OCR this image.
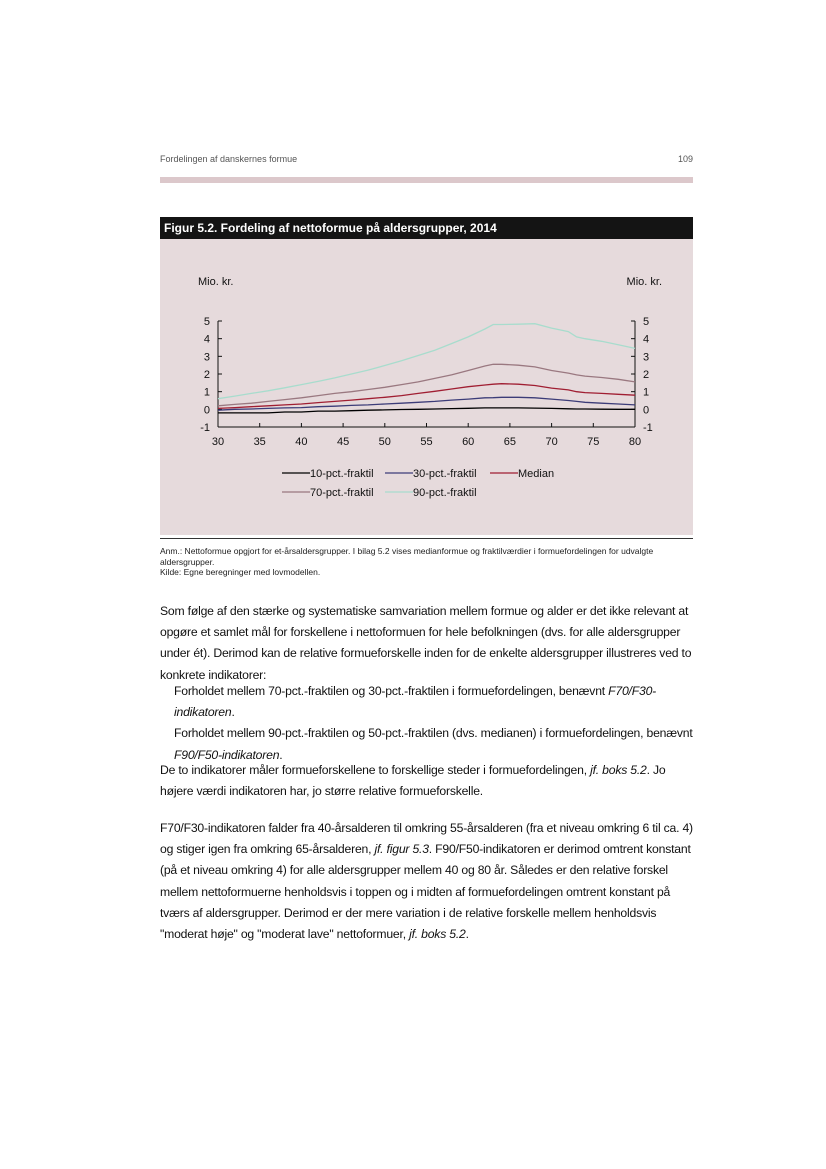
Fordelingen af danskernes formue	109
Figur 5.2. Fordeling af nettoformue på aldersgrupper, 2014
Mio. kr.	Mio. kr.
5	5
4	4
3	3
2	2
1	1
0	0
-1	-1
30	35	40	45	50	55	60	65	70	75	80
10-pct.-fraktil	30-pct.-fraktil	Median
70-pct.-fraktil	90-pct.-fraktil

Anm.: Nettoformue opgjort for et-årsaldersgrupper. I bilag 5.2 vises medianformue og fraktilværdier i formuefordelingen for udvalgte aldersgrupper.

Kilde: Egne beregninger med lovmodellen.

Som følge af den stærke og systematiske samvariation mellem formue og alder er det ikke relevant at opgøre et samlet mål for forskellene i nettoformuen for hele befolkningen (dvs. for alle aldersgrupper under ét). Derimod kan de relative formueforskelle inden for de enkelte aldersgrupper illustreres ved to konkrete indikatorer:

Forholdet mellem 70-pct.-fraktilen og 30-pct.-fraktilen i formuefordelingen, benævnt F70/F30-indikatoren.

Forholdet mellem 90-pct.-fraktilen og 50-pct.-fraktilen (dvs. medianen) i formuefordelingen, benævnt F90/F50-indikatoren.

De to indikatorer måler formueforskellene to forskellige steder i formuefordelingen, jf. boks 5.2. Jo højere værdi indikatoren har, jo større relative formueforskelle.

F70/F30-indikatoren falder fra 40-årsalderen til omkring 55-årsalderen (fra et niveau omkring 6 til ca. 4) og stiger igen fra omkring 65-årsalderen, jf. figur 5.3. F90/F50-indikatoren er derimod omtrent konstant (på et niveau omkring 4) for alle aldersgrupper mellem 40 og 80 år. Således er den relative forskel mellem nettoformuerne henholdsvis i toppen og i midten af formuefordelingen omtrent konstant på tværs af aldersgrupper. Derimod er der mere variation i de relative forskelle mellem henholdsvis "moderat høje" og "moderat lave" nettoformuer, jf. boks 5.2.
